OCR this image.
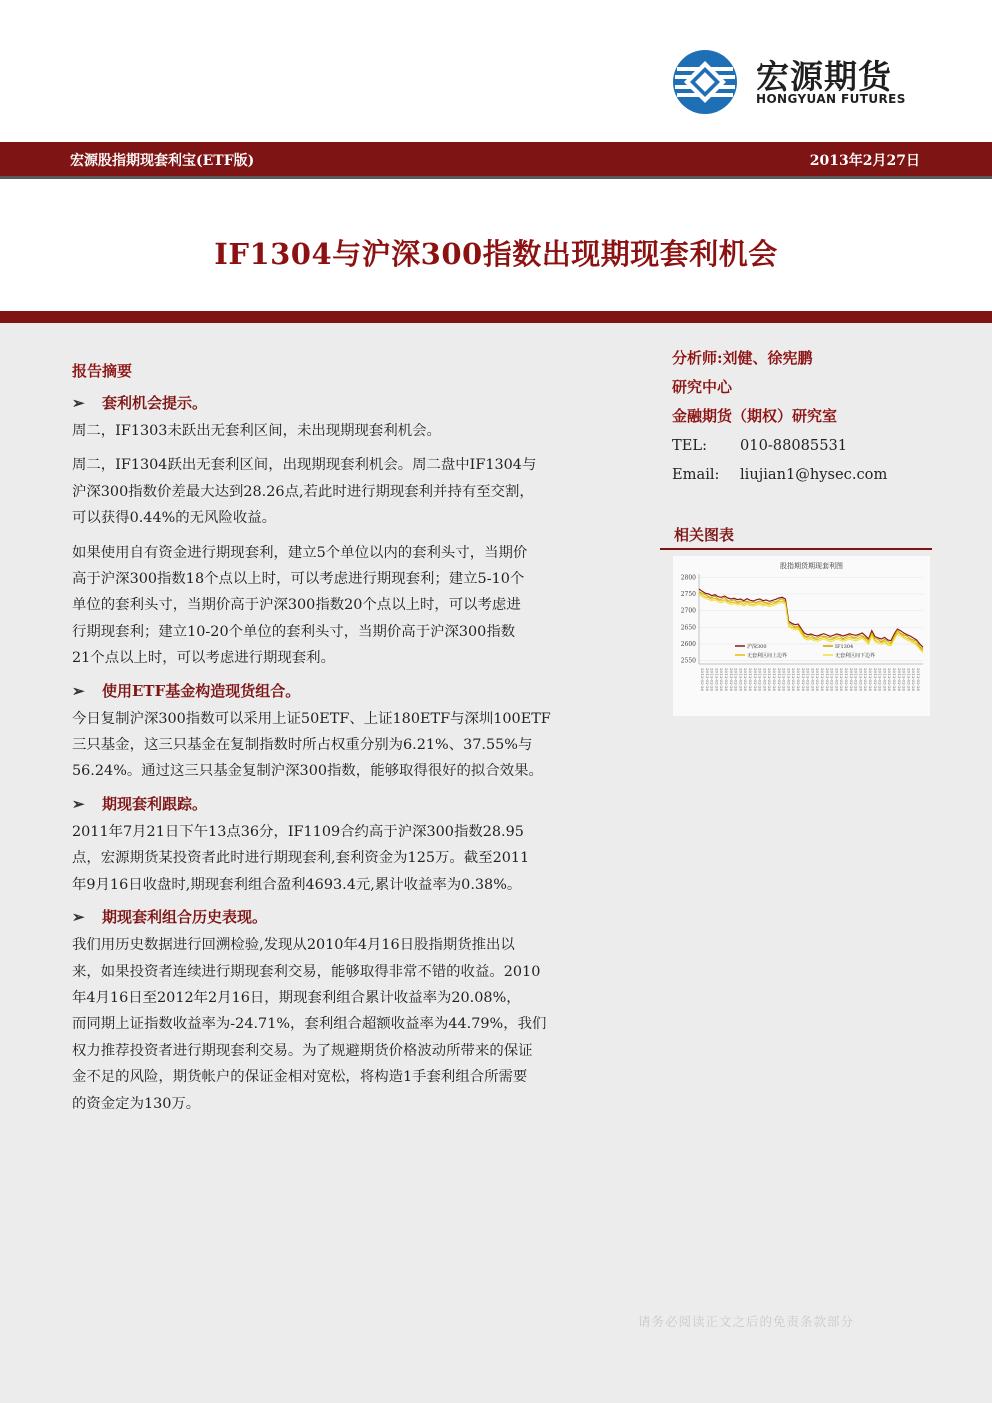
宏源期货
HONGYUAN FUTURES
宏源股指期现套利宝(ETF版)	2013年2月27日
IF1304与沪深300指数出现期现套利机会
报告摘要
➢ 套利机会提示。

周二，IF1303未跃出无套利区间，未出现期现套利机会。

周二，IF1304跃出无套利区间，出现期现套利机会。周二盘中IF1304与
沪深300指数价差最大达到28.26点,若此时进行期现套利并持有至交割，
可以获得0.44%的无风险收益。

如果使用自有资金进行期现套利，建立5个单位以内的套利头寸，当期价
高于沪深300指数18个点以上时，可以考虑进行期现套利；建立5-10个
单位的套利头寸，当期价高于沪深300指数20个点以上时，可以考虑进
行期现套利；建立10-20个单位的套利头寸，当期价高于沪深300指数
21个点以上时，可以考虑进行期现套利。

➢ 使用ETF基金构造现货组合。

今日复制沪深300指数可以采用上证50ETF、上证180ETF与深圳100ETF
三只基金，这三只基金在复制指数时所占权重分别为6.21%、37.55%与
56.24%。通过这三只基金复制沪深300指数，能够取得很好的拟合效果。

➢ 期现套利跟踪。

2011年7月21日下午13点36分，IF1109合约高于沪深300指数28.95
点，宏源期货某投资者此时进行期现套利,套利资金为125万。截至2011
年9月16日收盘时,期现套利组合盈利4693.4元,累计收益率为0.38%。

➢ 期现套利组合历史表现。

我们用历史数据进行回溯检验,发现从2010年4月16日股指期货推出以
来，如果投资者连续进行期现套利交易，能够取得非常不错的收益。2010
年4月16日至2012年2月16日，期现套利组合累计收益率为20.08%，
而同期上证指数收益率为-24.71%，套利组合超额收益率为44.79%，我们
权力推荐投资者进行期现套利交易。为了规避期货价格波动所带来的保证
金不足的风险，期货帐户的保证金相对宽松，将构造1手套利组合所需要
的资金定为130万。

分析师:刘健、徐宪鹏
研究中心
金融期货（期权）研究室
TEL: 010-88085531
Email: liujian1@hysec.com
相关图表
股指期货期现套利图
2550
2600
2650
2700
2750
2800
2013-02-26 2013-02-26 2013-02-26 2013-02-26 2013-02-26 2013-02-26 2013-02-26 2013-02-26 2013-02-26 2013-02-26 2013-02-26 2013-02-26 2013-02-26 2013-02-26 2013-02-26 2013-02-26 2013-02-26 2013-02-26 2013-02-26 2013-02-26 2013-02-26 2013-02-26 2013-02-26 2013-02-26 2013-02-26 2013-02-26 2013-02-26 2013-02-26 2013-02-26 2013-02-26 2013-02-26 2013-02-26 2013-02-26 2013-02-26 2013-02-26 2013-02-26 2013-02-26 2013-02-26 2013-02-26 2013-02-26 2013-02-26 2013-02-26 2013-02-26 2013-02-26 2013-02-26 2013-02-26
沪深300	IF1304
无套利区间上边界	无套利区间下边界
请务必阅读正文之后的免责条款部分
